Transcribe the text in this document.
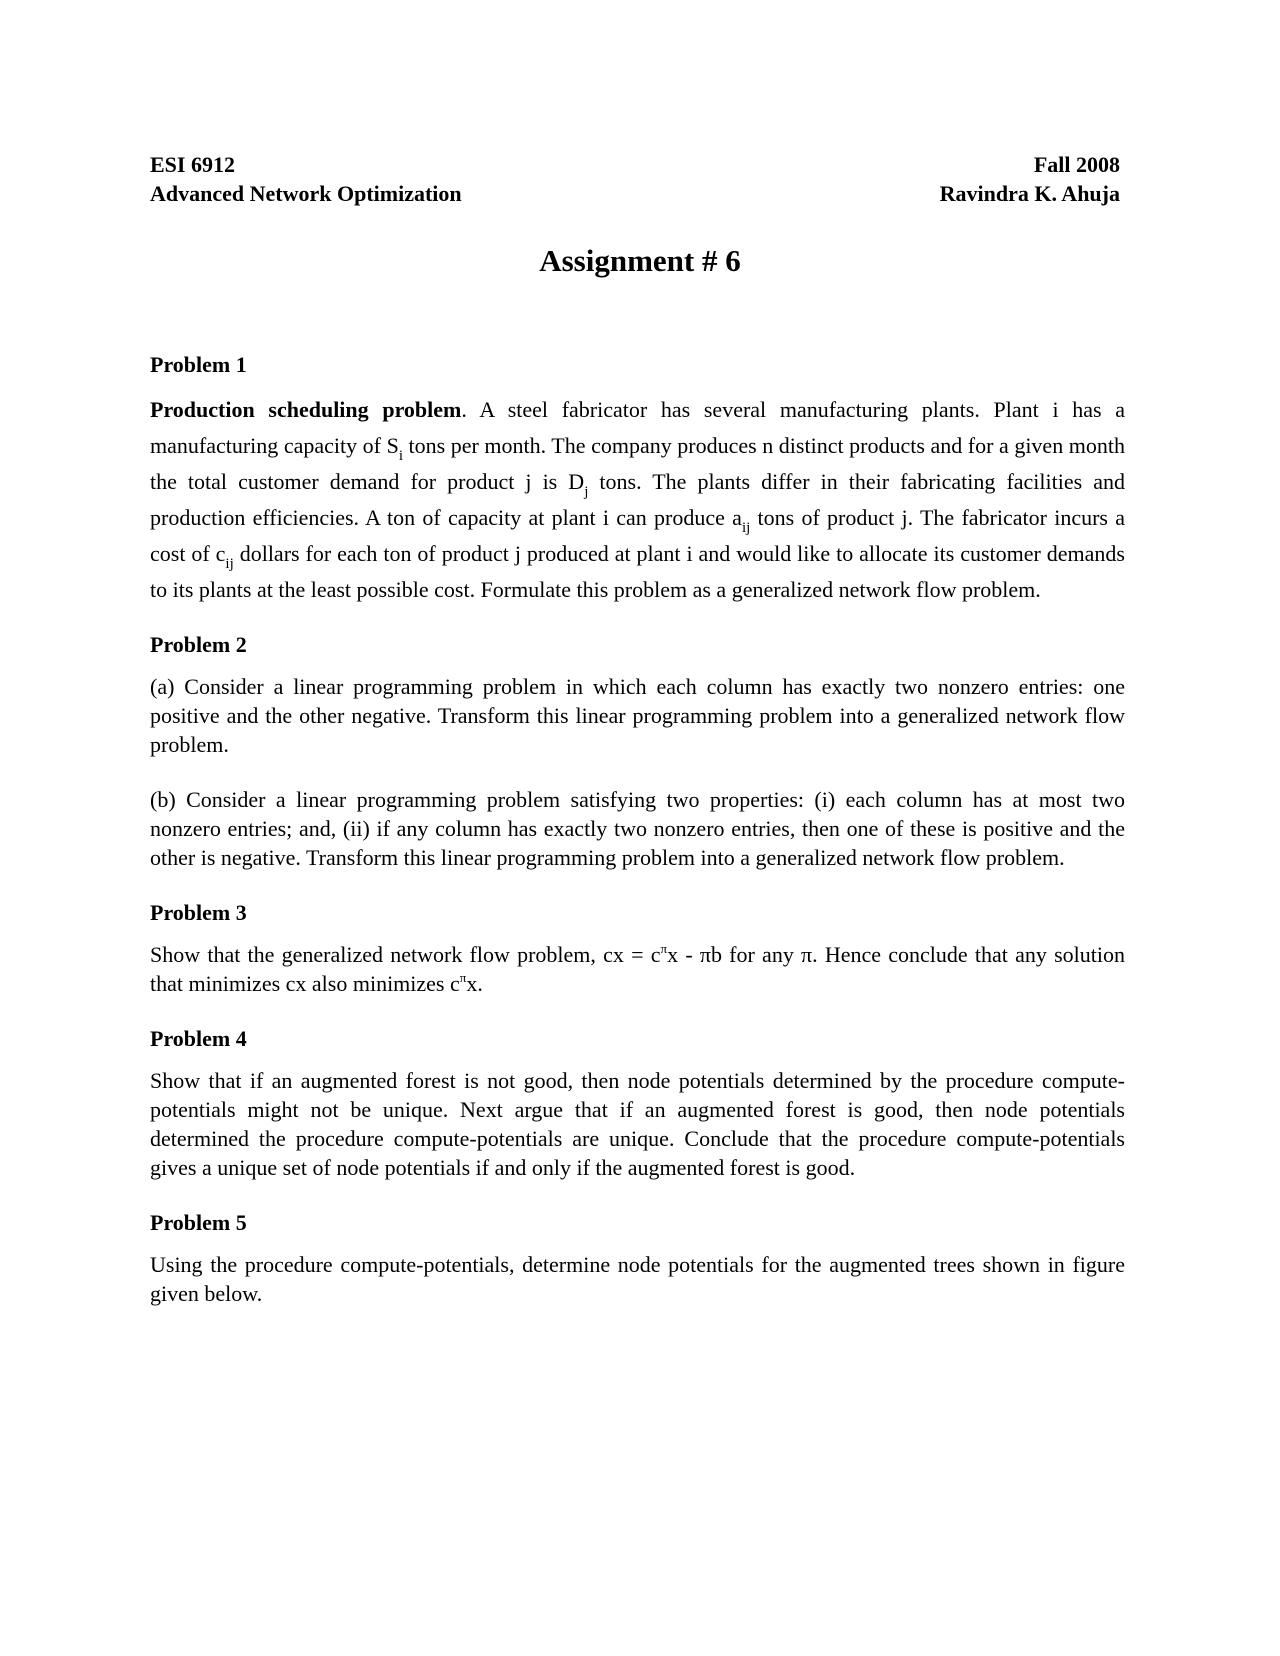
ESI 6912	Fall 2008
Advanced Network Optimization	Ravindra K. Ahuja
Assignment # 6
Problem 1

Production scheduling problem. A steel fabricator has several manufacturing plants. Plant i has a manufacturing capacity of $S_i$ tons per month. The company produces n distinct products and for a given month the total customer demand for product j is $D_j$ tons. The plants differ in their fabricating facilities and production efficiencies. A ton of capacity at plant i can produce $a_{ij}$ tons of product j. The fabricator incurs a cost of $c_{ij}$ dollars for each ton of product j produced at plant i and would like to allocate its customer demands to its plants at the least possible cost. Formulate this problem as a generalized network flow problem.

Problem 2

(a) Consider a linear programming problem in which each column has exactly two nonzero entries: one positive and the other negative. Transform this linear programming problem into a generalized network flow problem.

(b) Consider a linear programming problem satisfying two properties: (i) each column has at most two nonzero entries; and, (ii) if any column has exactly two nonzero entries, then one of these is positive and the other is negative. Transform this linear programming problem into a generalized network flow problem.

Problem 3

Show that the generalized network flow problem, cx = $c^\pi x$ - πb for any π. Hence conclude that any solution that minimizes cx also minimizes $c^\pi x$.

Problem 4

Show that if an augmented forest is not good, then node potentials determined by the procedure compute-potentials might not be unique. Next argue that if an augmented forest is good, then node potentials determined the procedure compute-potentials are unique. Conclude that the procedure compute-potentials gives a unique set of node potentials if and only if the augmented forest is good.

Problem 5

Using the procedure compute-potentials, determine node potentials for the augmented trees shown in figure given below.
